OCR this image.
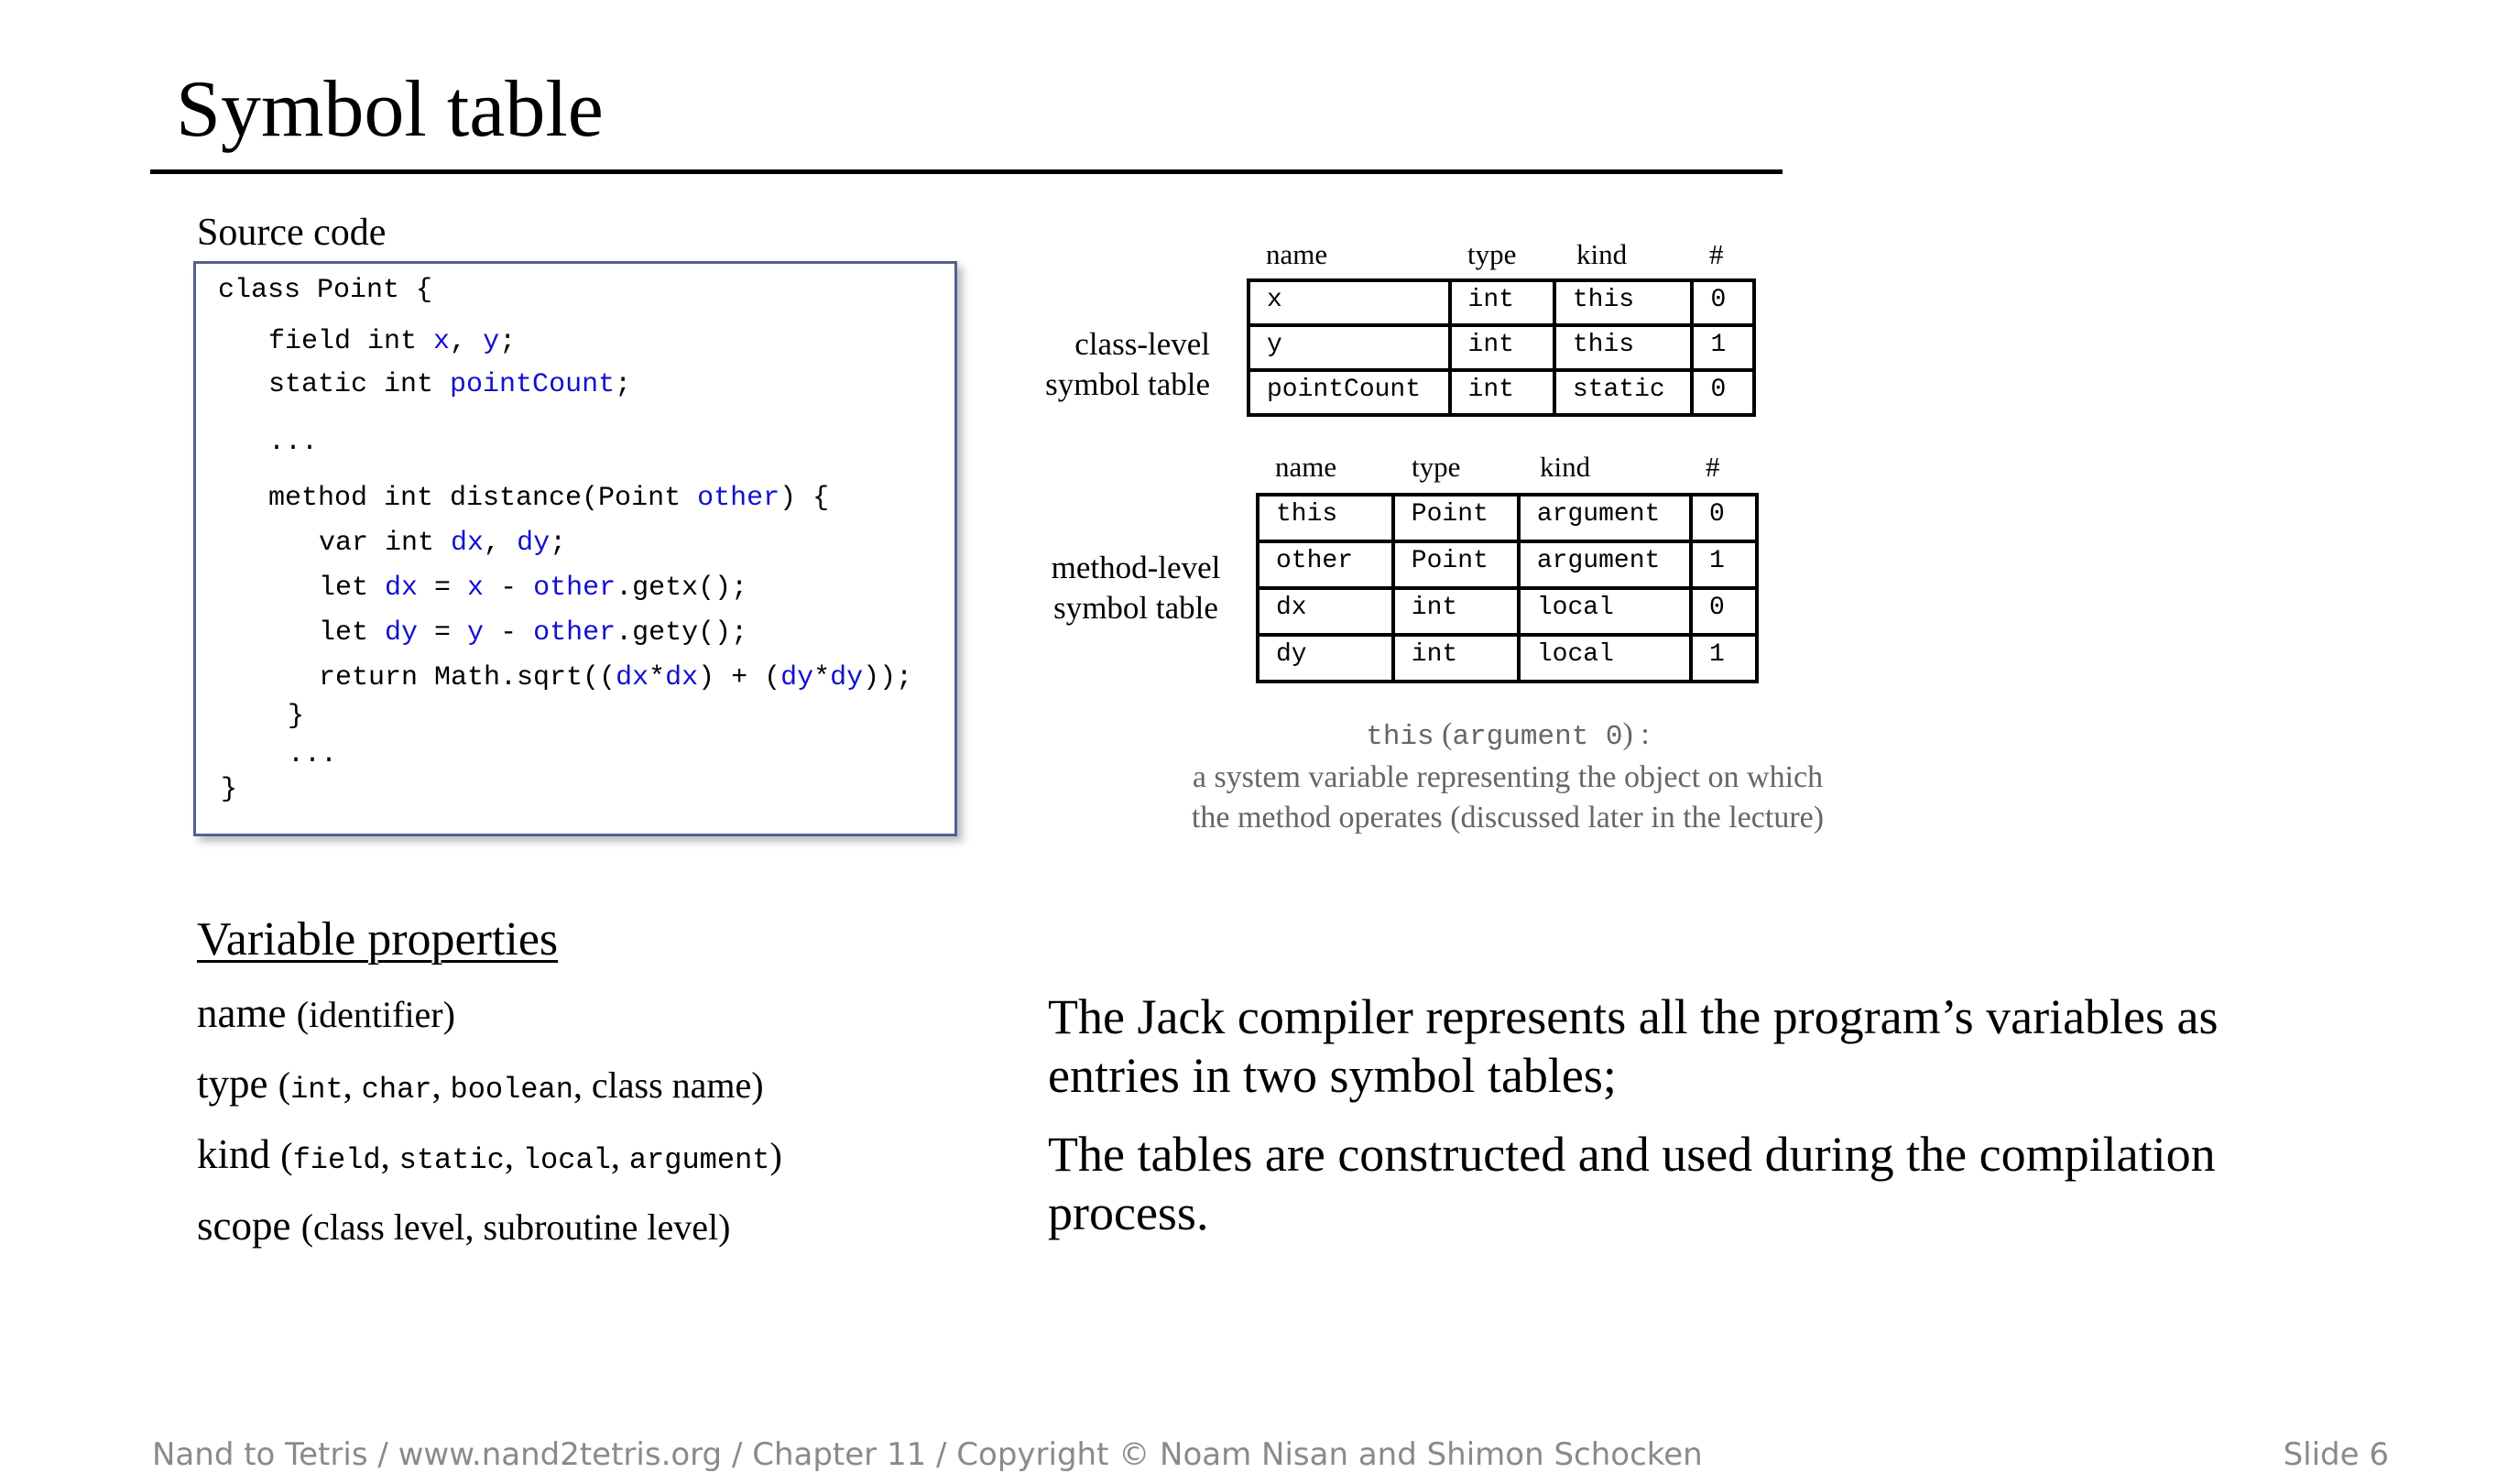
Symbol table
Source code
class-level
symbol table
name	type kind	#
x	int	this	0
y	int	this	1
pointCount	int	static	0
method-level
symbol table
name	type	kind	#
this	Point	argument	0
other	Point	argument	1
dx	int	local	0
dy	int	local	1
this (argument 0) :
a system variable representing the object on which
the method operates (discussed later in the lecture)
Variable properties
name (identifier)
type (int, char, boolean, class name)
kind (field, static, local, argument)
scope (class level, subroutine level)
The Jack compiler represents all the program’s variables as entries in two symbol tables;
The tables are constructed and used during the compilation process.
Nand to Tetris / www.nand2tetris.org / Chapter 11 / Copyright © Noam Nisan and Shimon Schocken	Slide 6
class Point {
field int x, y;
static int pointCount;
...
method int distance(Point other) {
var int dx, dy;
let dx = x - other.getx();
let dy = y - other.gety();
return Math.sqrt((dx*dx) + (dy*dy));
}
...
}
